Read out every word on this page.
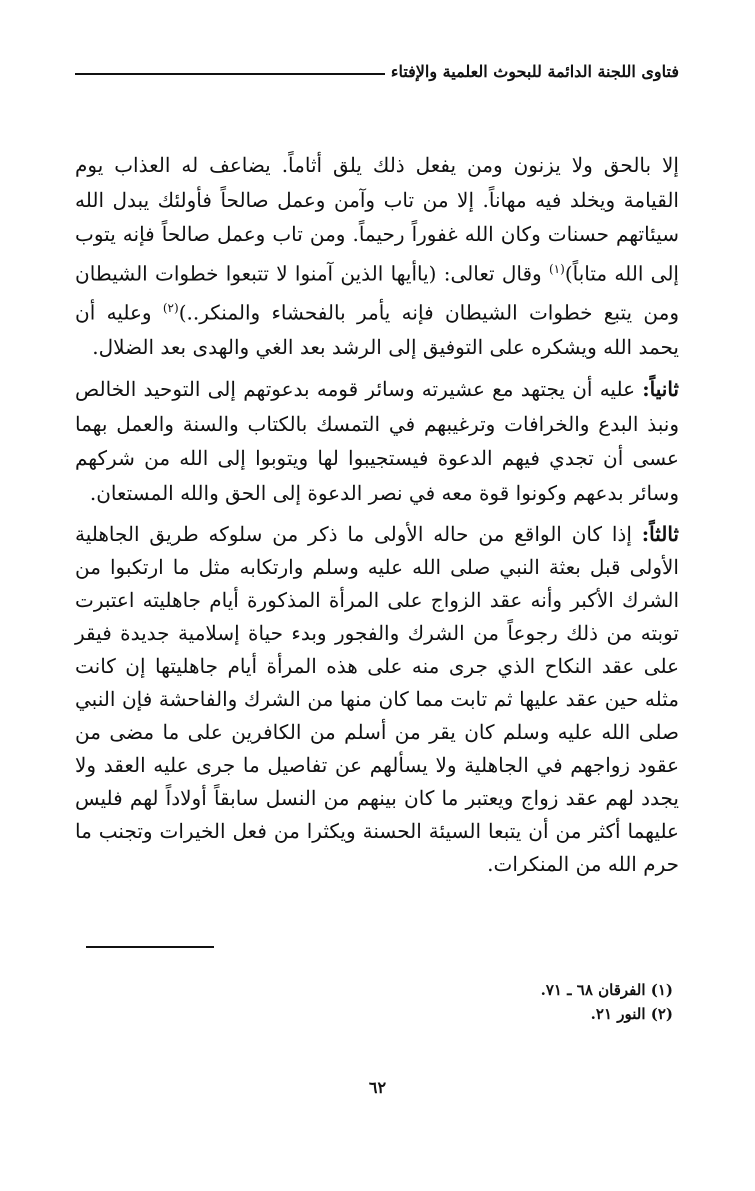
فتاوى اللجنة الدائمة للبحوث العلمية والإفتاء

إلا بالحق ولا يزنون ومن يفعل ذلك يلق أثاماً. يضاعف له العذاب يوم القيامة ويخلد فيه مهاناً. إلا من تاب وآمن وعمل صالحاً فأولئك يبدل الله سيئاتهم حسنات وكان الله غفوراً رحيماً. ومن تاب وعمل صالحاً فإنه يتوب إلى الله متاباً)$^{(١)}$ وقال تعالى: (ياأيها الذين آمنوا لا تتبعوا خطوات الشيطان ومن يتبع خطوات الشيطان فإنه يأمر بالفحشاء والمنكر..)$^{(٢)}$ وعليه أن يحمد الله ويشكره على التوفيق إلى الرشد بعد الغي والهدى بعد الضلال.

ثانياً: عليه أن يجتهد مع عشيرته وسائر قومه بدعوتهم إلى التوحيد الخالص ونبذ البدع والخرافات وترغيبهم في التمسك بالكتاب والسنة والعمل بهما عسى أن تجدي فيهم الدعوة فيستجيبوا لها ويتوبوا إلى الله من شركهم وسائر بدعهم وكونوا قوة معه في نصر الدعوة إلى الحق والله المستعان.

ثالثاً: إذا كان الواقع من حاله الأولى ما ذكر من سلوكه طريق الجاهلية الأولى قبل بعثة النبي صلى الله عليه وسلم وارتكابه مثل ما ارتكبوا من الشرك الأكبر وأنه عقد الزواج على المرأة المذكورة أيام جاهليته اعتبرت توبته من ذلك رجوعاً من الشرك والفجور وبدء حياة إسلامية جديدة فيقر على عقد النكاح الذي جرى منه على هذه المرأة أيام جاهليتها إن كانت مثله حين عقد عليها ثم تابت مما كان منها من الشرك والفاحشة فإن النبي صلى الله عليه وسلم كان يقر من أسلم من الكافرين على ما مضى من عقود زواجهم في الجاهلية ولا يسألهم عن تفاصيل ما جرى عليه العقد ولا يجدد لهم عقد زواج ويعتبر ما كان بينهم من النسل سابقاً أولاداً لهم فليس عليهما أكثر من أن يتبعا السيئة الحسنة ويكثرا من فعل الخيرات وتجنب ما حرم الله من المنكرات.

(١) الفرقان ٦٨ ـ ٧١.

(٢) النور ٢١.

٦٢
